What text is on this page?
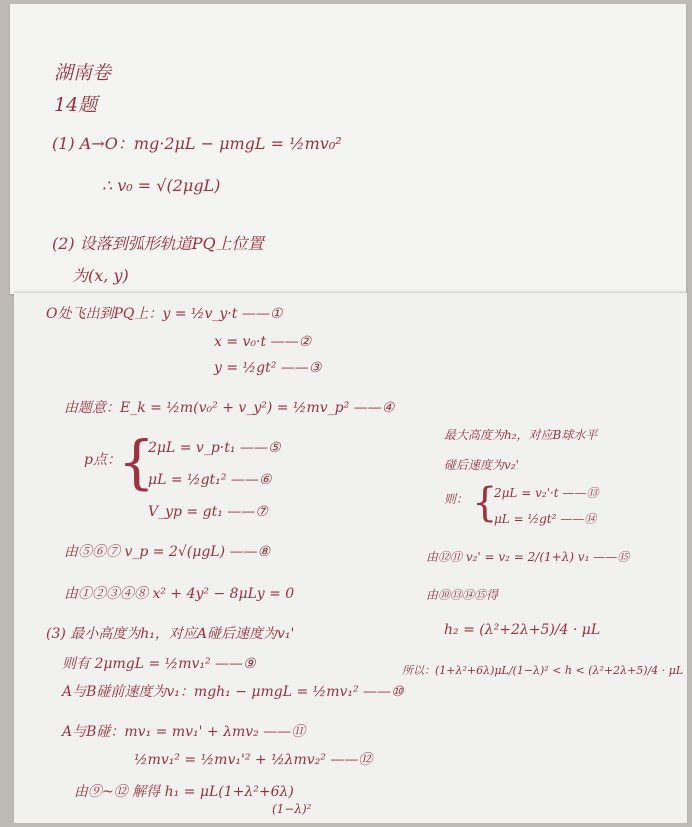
湖南卷
14题
(1) A→O：mg·2μL − μmgL = ½mv₀²
∴ v₀ = √(2μgL)
(2) 设落到弧形轨道PQ上位置
为(x, y)
O处飞出到PQ上：y = ½v_y·t ——①
x = v₀·t ——②
y = ½gt² ——③
由题意：E_k = ½m(v₀² + v_y²) = ½mv_p² ——④
p点：
{
2μL = v_p·t₁ ——⑤
μL = ½gt₁² ——⑥
V_yp = gt₁ ——⑦
由⑤⑥⑦ v_p = 2√(μgL) ——⑧
由①②③④⑧ x² + 4y² − 8μLy = 0
(3) 最小高度为h₁，对应A碰后速度为v₁'
则有 2μmgL = ½mv₁² ——⑨
A与B碰前速度为v₁：mgh₁ − μmgL = ½mv₁² ——⑩
A与B碰：mv₁ = mv₁' + λmv₂ ——⑪
½mv₁² = ½mv₁'² + ½λmv₂² ——⑫
由⑨~⑫ 解得 h₁ = μL(1+λ²+6λ)
(1−λ)²
最大高度为h₂，对应B球水平
碰后速度为v₂'
则： {
2μL = v₂'·t ——⑬
μL = ½gt² ——⑭
由⑫⑪ v₂' = v₂ = 2/(1+λ) v₁ ——⑮
由⑩⑬⑭⑮得
h₂ = (λ²+2λ+5)/4 · μL
所以：(1+λ²+6λ)μL/(1−λ)² < h < (λ²+2λ+5)/4 · μL
